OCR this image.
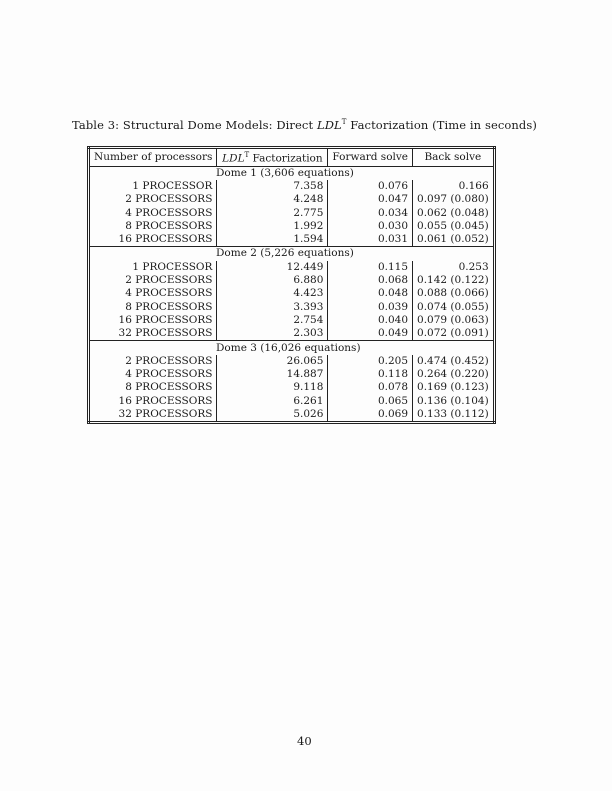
Table 3: Structural Dome Models: Direct $LDL^T$ Factorization (Time in seconds)
Number of processors	$LDL^T$ Factorization	Forward solve	Back solve
Dome 1 (3,606 equations)			
1 PROCESSOR	7.358	0.076	0.166
2 PROCESSORS	4.248	0.047	0.097 (0.080)
4 PROCESSORS	2.775	0.034	0.062 (0.048)
8 PROCESSORS	1.992	0.030	0.055 (0.045)
16 PROCESSORS	1.594	0.031	0.061 (0.052)
Dome 2 (5,226 equations)			
1 PROCESSOR	12.449	0.115	0.253
2 PROCESSORS	6.880	0.068	0.142 (0.122)
4 PROCESSORS	4.423	0.048	0.088 (0.066)
8 PROCESSORS	3.393	0.039	0.074 (0.055)
16 PROCESSORS	2.754	0.040	0.079 (0.063)
32 PROCESSORS	2.303	0.049	0.072 (0.091)
Dome 3 (16,026 equations)			
2 PROCESSORS	26.065	0.205	0.474 (0.452)
4 PROCESSORS	14.887	0.118	0.264 (0.220)
8 PROCESSORS	9.118	0.078	0.169 (0.123)
16 PROCESSORS	6.261	0.065	0.136 (0.104)
32 PROCESSORS	5.026	0.069	0.133 (0.112)
40
